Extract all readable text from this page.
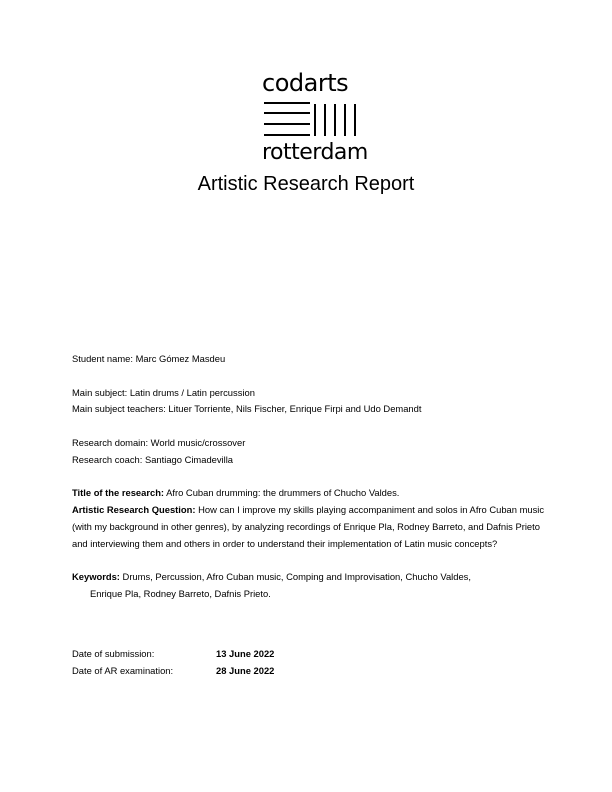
codarts
rotterdam
Artistic Research Report
Student name: Marc Gómez Masdeu
Main subject: Latin drums / Latin percussion
Main subject teachers: Lituer Torriente, Nils Fischer, Enrique Firpi and Udo Demandt
Research domain: World music/crossover
Research coach: Santiago Cimadevilla
Title of the research: Afro Cuban drumming: the drummers of Chucho Valdes.
Artistic Research Question: How can I improve my skills playing accompaniment and solos in Afro Cuban music (with my background in other genres), by analyzing recordings of Enrique Pla, Rodney Barreto, and Dafnis Prieto and interviewing them and others in order to understand their implementation of Latin music concepts?
Keywords: Drums, Percussion, Afro Cuban music, Comping and Improvisation, Chucho Valdes,
Enrique Pla, Rodney Barreto, Dafnis Prieto.
Date of submission:	13 June 2022
Date of AR examination:	28 June 2022
